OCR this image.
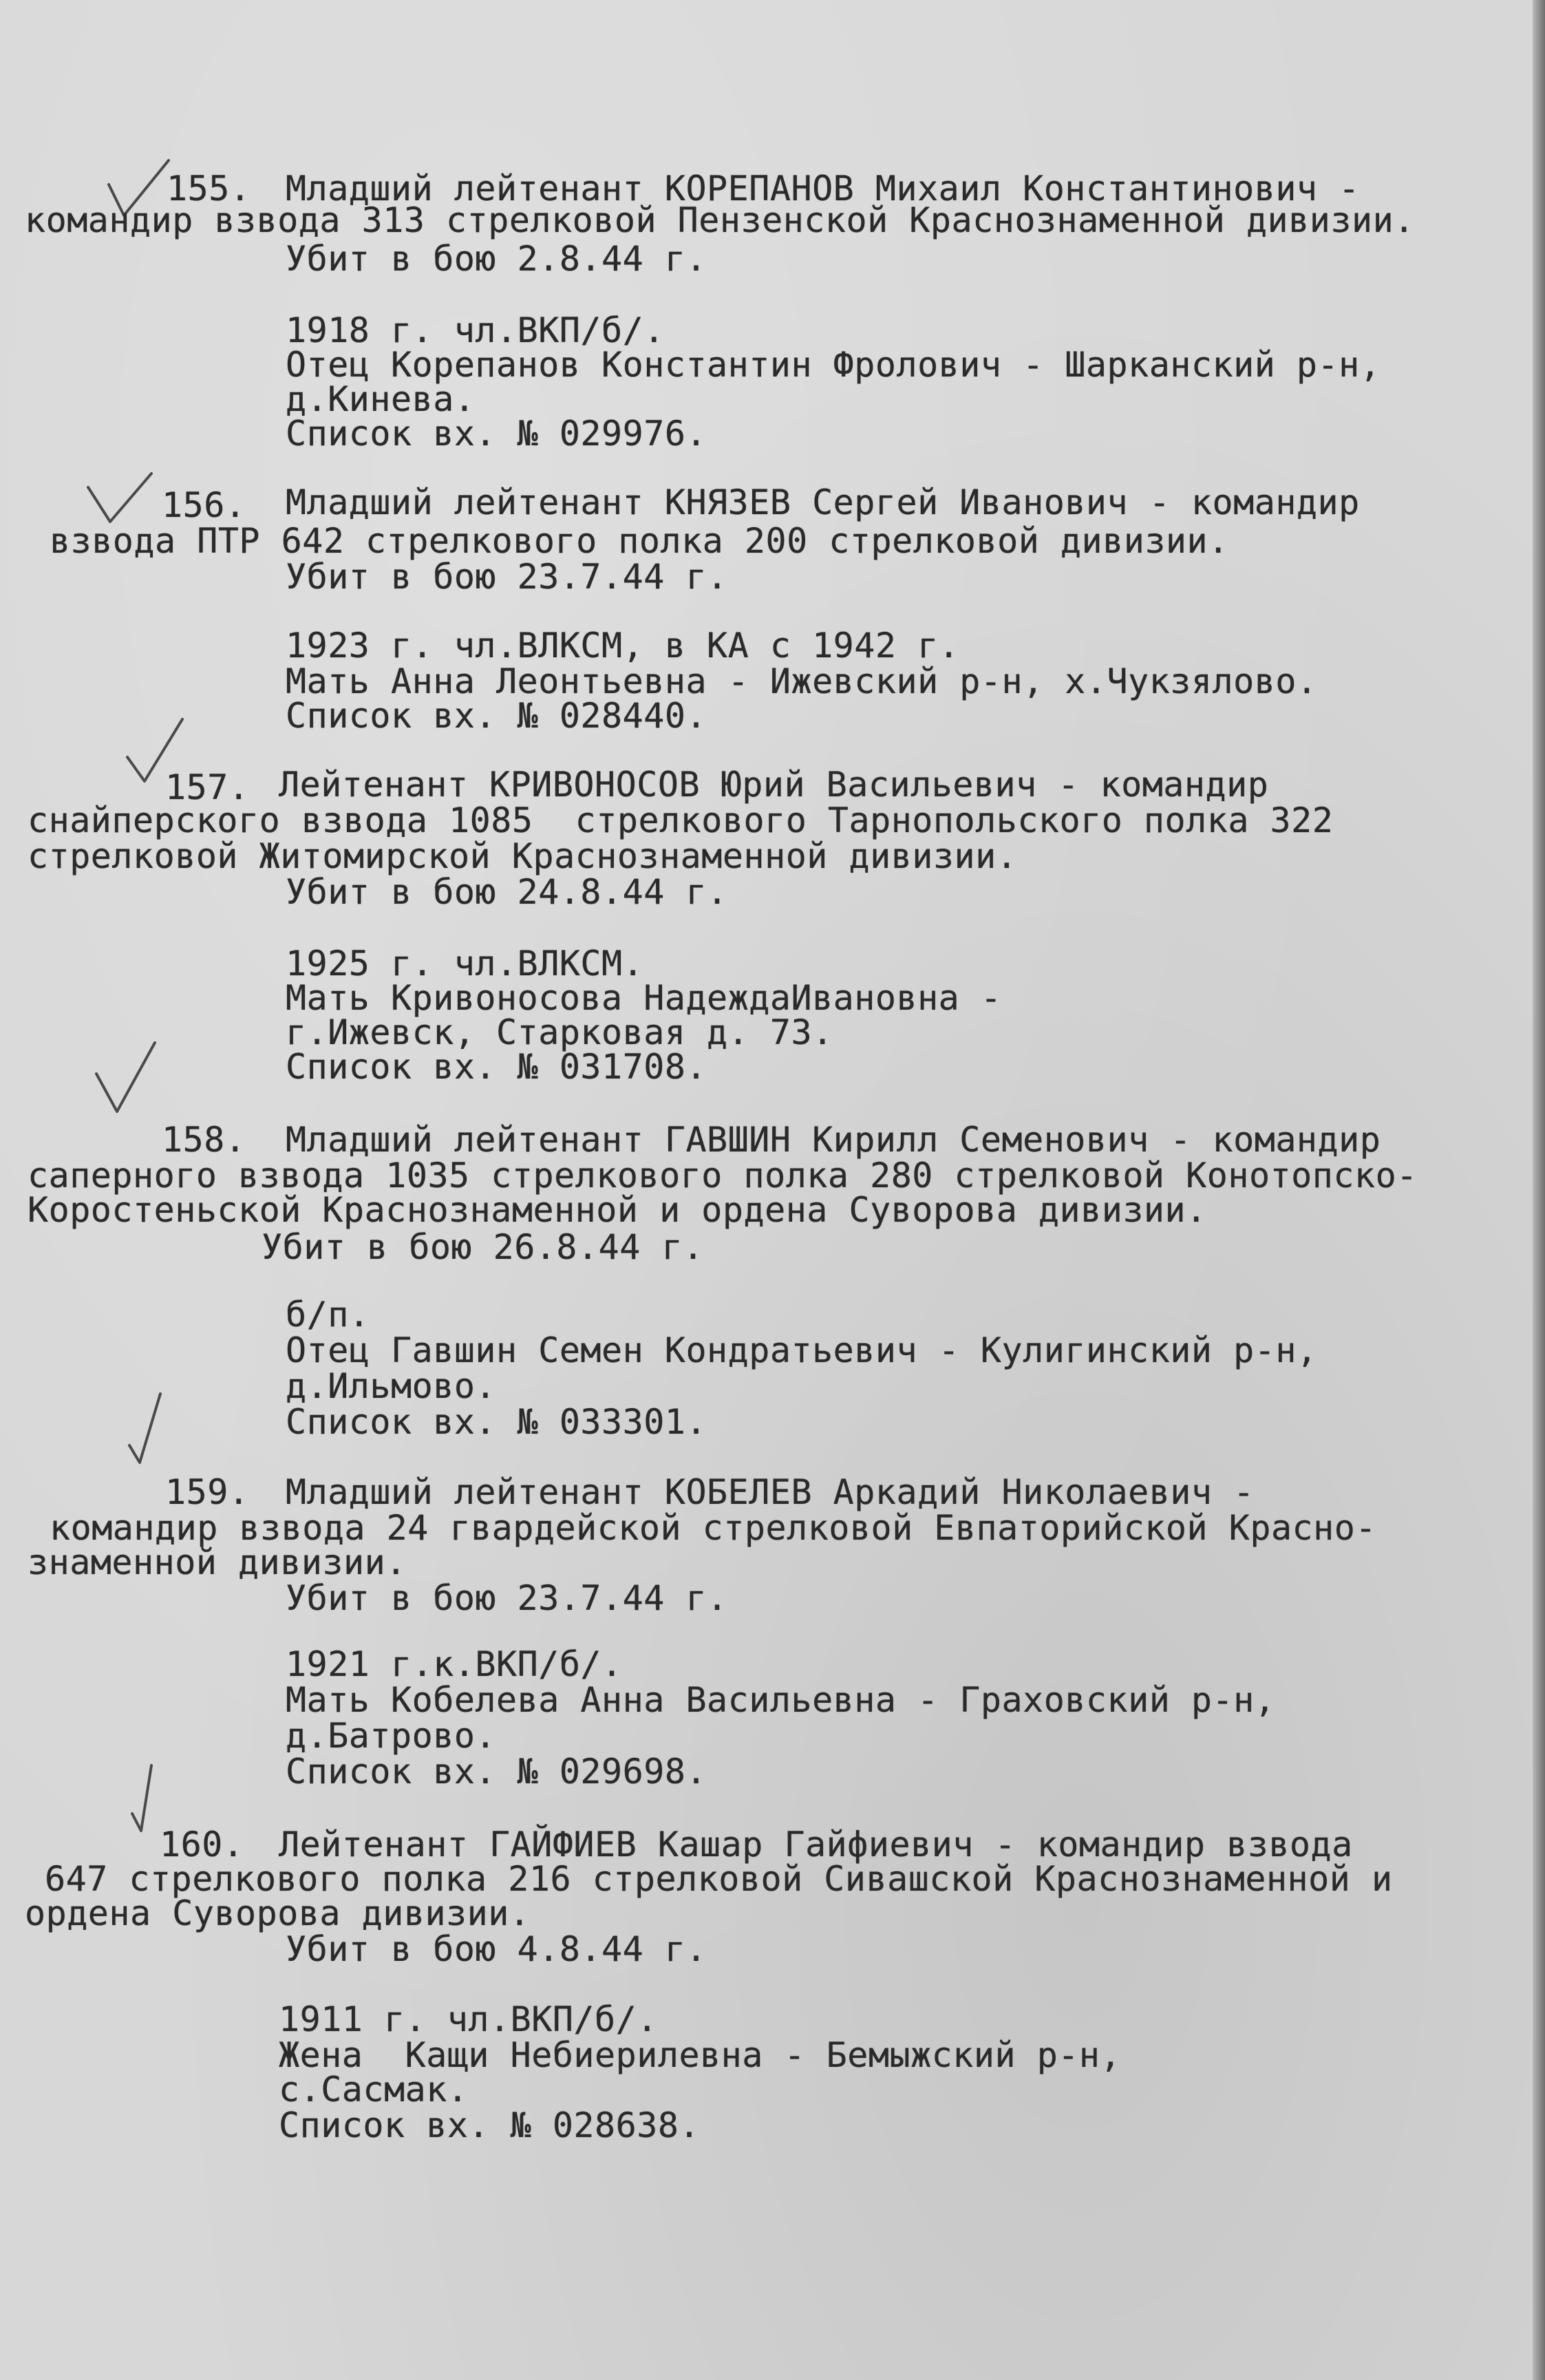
155. Младший лейтенант КОРЕПАНОВ Михаил Константинович -
командир взвода 313 стрелковой Пензенской Краснознаменной дивизии.
Убит в бою 2.8.44 г.
1918 г. чл.ВКП/б/.
Отец Корепанов Константин Фролович - Шарканский р-н,
д.Кинева.
Список вх. № 029976.
156. Младший лейтенант КНЯЗЕВ Сергей Иванович - командир
взвода ПТР 642 стрелкового полка 200 стрелковой дивизии.
Убит в бою 23.7.44 г.
1923 г. чл.ВЛКСМ, в КА с 1942 г.
Мать Анна Леонтьевна - Ижевский р-н, х.Чукзялово.
Список вх. № 028440.
157. Лейтенант КРИВОНОСОВ Юрий Васильевич - командир
снайперского взвода 1085  стрелкового Тарнопольского полка 322
стрелковой Житомирской Краснознаменной дивизии.
Убит в бою 24.8.44 г.
1925 г. чл.ВЛКСМ.
Мать Кривоносова НадеждаИвановна -
г.Ижевск, Старковая д. 73.
Список вх. № 031708.
158. Младший лейтенант ГАВШИН Кирилл Семенович - командир
саперного взвода 1035 стрелкового полка 280 стрелковой Конотопско-
Коростеньской Краснознаменной и ордена Суворова дивизии.
Убит в бою 26.8.44 г.
б/п.
Отец Гавшин Семен Кондратьевич - Кулигинский р-н,
д.Ильмово.
Список вх. № 033301.
159. Младший лейтенант КОБЕЛЕВ Аркадий Николаевич -
командир взвода 24 гвардейской стрелковой Евпаторийской Красно-
знаменной дивизии.
Убит в бою 23.7.44 г.
1921 г.к.ВКП/б/.
Мать Кобелева Анна Васильевна - Граховский р-н,
д.Батрово.
Список вх. № 029698.
160. Лейтенант ГАЙФИЕВ Кашар Гайфиевич - командир взвода
647 стрелкового полка 216 стрелковой Сивашской Краснознаменной и
ордена Суворова дивизии.
Убит в бою 4.8.44 г.
1911 г. чл.ВКП/б/.
Жена  Кащи Небиерилевна - Бемыжский р-н,
с.Сасмак.
Список вх. № 028638.
